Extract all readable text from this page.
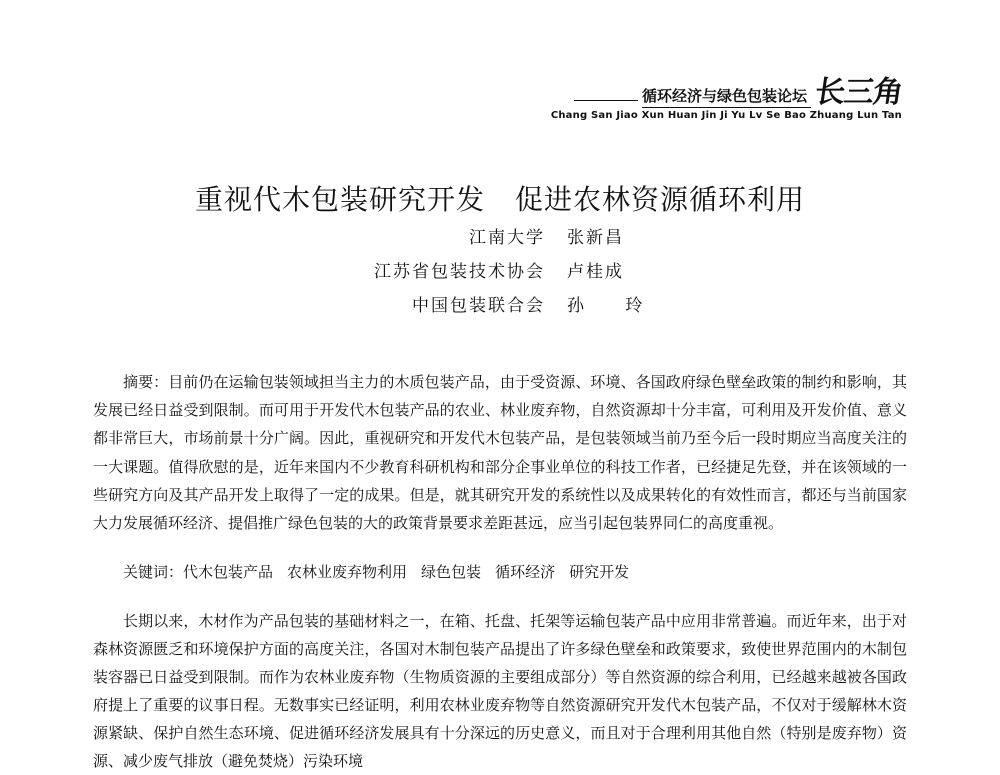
循环经济与绿色包装论坛 长三角
Chang San Jiao Xun Huan Jin Ji Yu Lv Se Bao Zhuang Lun Tan
重视代木包装研究开发 促进农林资源循环利用
江南大学	张新昌
江苏省包装技术协会	卢桂成
中国包装联合会	孙 玲

摘要：目前仍在运输包装领域担当主力的木质包装产品，由于受资源、环境、各国政府绿色壁垒政策的制约和影响，其发展已经日益受到限制。而可用于开发代木包装产品的农业、林业废弃物，自然资源却十分丰富，可利用及开发价值、意义都非常巨大，市场前景十分广阔。因此，重视研究和开发代木包装产品，是包装领域当前乃至今后一段时期应当高度关注的一大课题。值得欣慰的是，近年来国内不少教育科研机构和部分企事业单位的科技工作者，已经捷足先登，并在该领域的一些研究方向及其产品开发上取得了一定的成果。但是，就其研究开发的系统性以及成果转化的有效性而言，都还与当前国家大力发展循环经济、提倡推广绿色包装的大的政策背景要求差距甚远，应当引起包装界同仁的高度重视。

关键词：代木包装产品 农林业废弃物利用 绿色包装 循环经济 研究开发

长期以来，木材作为产品包装的基础材料之一，在箱、托盘、托架等运输包装产品中应用非常普遍。而近年来，出于对森林资源匮乏和环境保护方面的高度关注，各国对木制包装产品提出了许多绿色壁垒和政策要求，致使世界范围内的木制包装容器已日益受到限制。而作为农林业废弃物（生物质资源的主要组成部分）等自然资源的综合利用，已经越来越被各国政府提上了重要的议事日程。无数事实已经证明，利用农林业废弃物等自然资源研究开发代木包装产品，不仅对于缓解林木资源紧缺、保护自然生态环境、促进循环经济发展具有十分深远的历史意义，而且对于合理利用其他自然（特别是废弃物）资源、减少废气排放（避免焚烧）污染环境
